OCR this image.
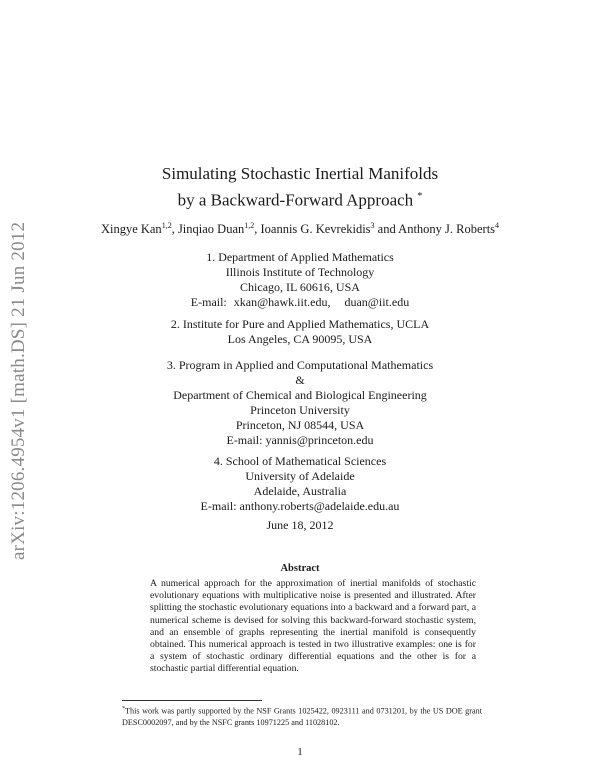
arXiv:1206.4954v1 [math.DS] 21 Jun 2012
Simulating Stochastic Inertial Manifolds
by a Backward-Forward Approach *
Xingye Kan$^{1,2}$, Jinqiao Duan$^{1,2}$, Ioannis G. Kevrekidis$^3$ and Anthony J. Roberts$^4$
1. Department of Applied Mathematics
Illinois Institute of Technology
Chicago, IL 60616, USA
E-mail: xkan@hawk.iit.edu, duan@iit.edu
2. Institute for Pure and Applied Mathematics, UCLA
Los Angeles, CA 90095, USA
3. Program in Applied and Computational Mathematics
&
Department of Chemical and Biological Engineering
Princeton University
Princeton, NJ 08544, USA
E-mail: yannis@princeton.edu
4. School of Mathematical Sciences
University of Adelaide
Adelaide, Australia
E-mail: anthony.roberts@adelaide.edu.au
June 18, 2012
Abstract
A numerical approach for the approximation of inertial manifolds of stochastic evolutionary equations with multiplicative noise is presented and illustrated. After splitting the stochastic evolutionary equations into a backward and a forward part, a numerical scheme is devised for solving this backward-forward stochastic system, and an ensemble of graphs representing the inertial manifold is consequently obtained. This numerical approach is tested in two illustrative examples: one is for a system of stochastic ordinary differential equations and the other is for a stochastic partial differential equation.
*This work was partly supported by the NSF Grants 1025422, 0923111 and 0731201, by the US DOE grant DESC0002097, and by the NSFC grants 10971225 and 11028102.
1
